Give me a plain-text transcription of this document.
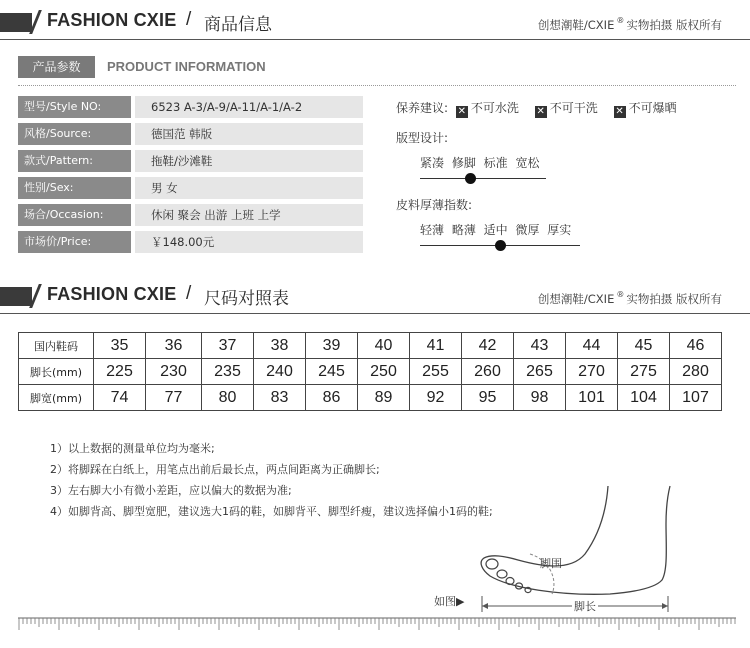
FASHION CXIE / 商品信息	创想潮鞋/CXIE ® 实物拍摄 版权所有
产品参数	PRODUCT INFORMATION
型号/Style NO:	6523 A-3/A-9/A-11/A-1/A-2
风格/Source:	德国范 韩版
款式/Pattern:	拖鞋/沙滩鞋
性别/Sex:	男 女
场合/Occasion:	休闲 聚会 出游 上班 上学
市场价/Price:	￥148.00元
保养建议: ✕ 不可水洗 ✕ 不可干洗 ✕ 不可爆晒
版型设计:
紧凑 修脚 标准 宽松
皮料厚薄指数:
轻薄 略薄 适中 微厚 厚实
FASHION CXIE / 尺码对照表	创想潮鞋/CXIE ® 实物拍摄 版权所有
国内鞋码	35	36	37	38	39	40	41	42	43	44	45	46
脚长(mm)	225	230	235	240	245	250	255	260	265	270	275	280
脚宽(mm)	74	77	80	83	86	89	92	95	98	101	104	107
1）以上数据的测量单位均为毫米;
2）将脚踩在白纸上，用笔点出前后最长点，两点间距离为正确脚长;
3）左右脚大小有微小差距，应以偏大的数据为准;
4）如脚背高、脚型宽肥，建议选大1码的鞋，如脚背平、脚型纤瘦，建议选择偏小1码的鞋;
脚围
脚长
如图▶
